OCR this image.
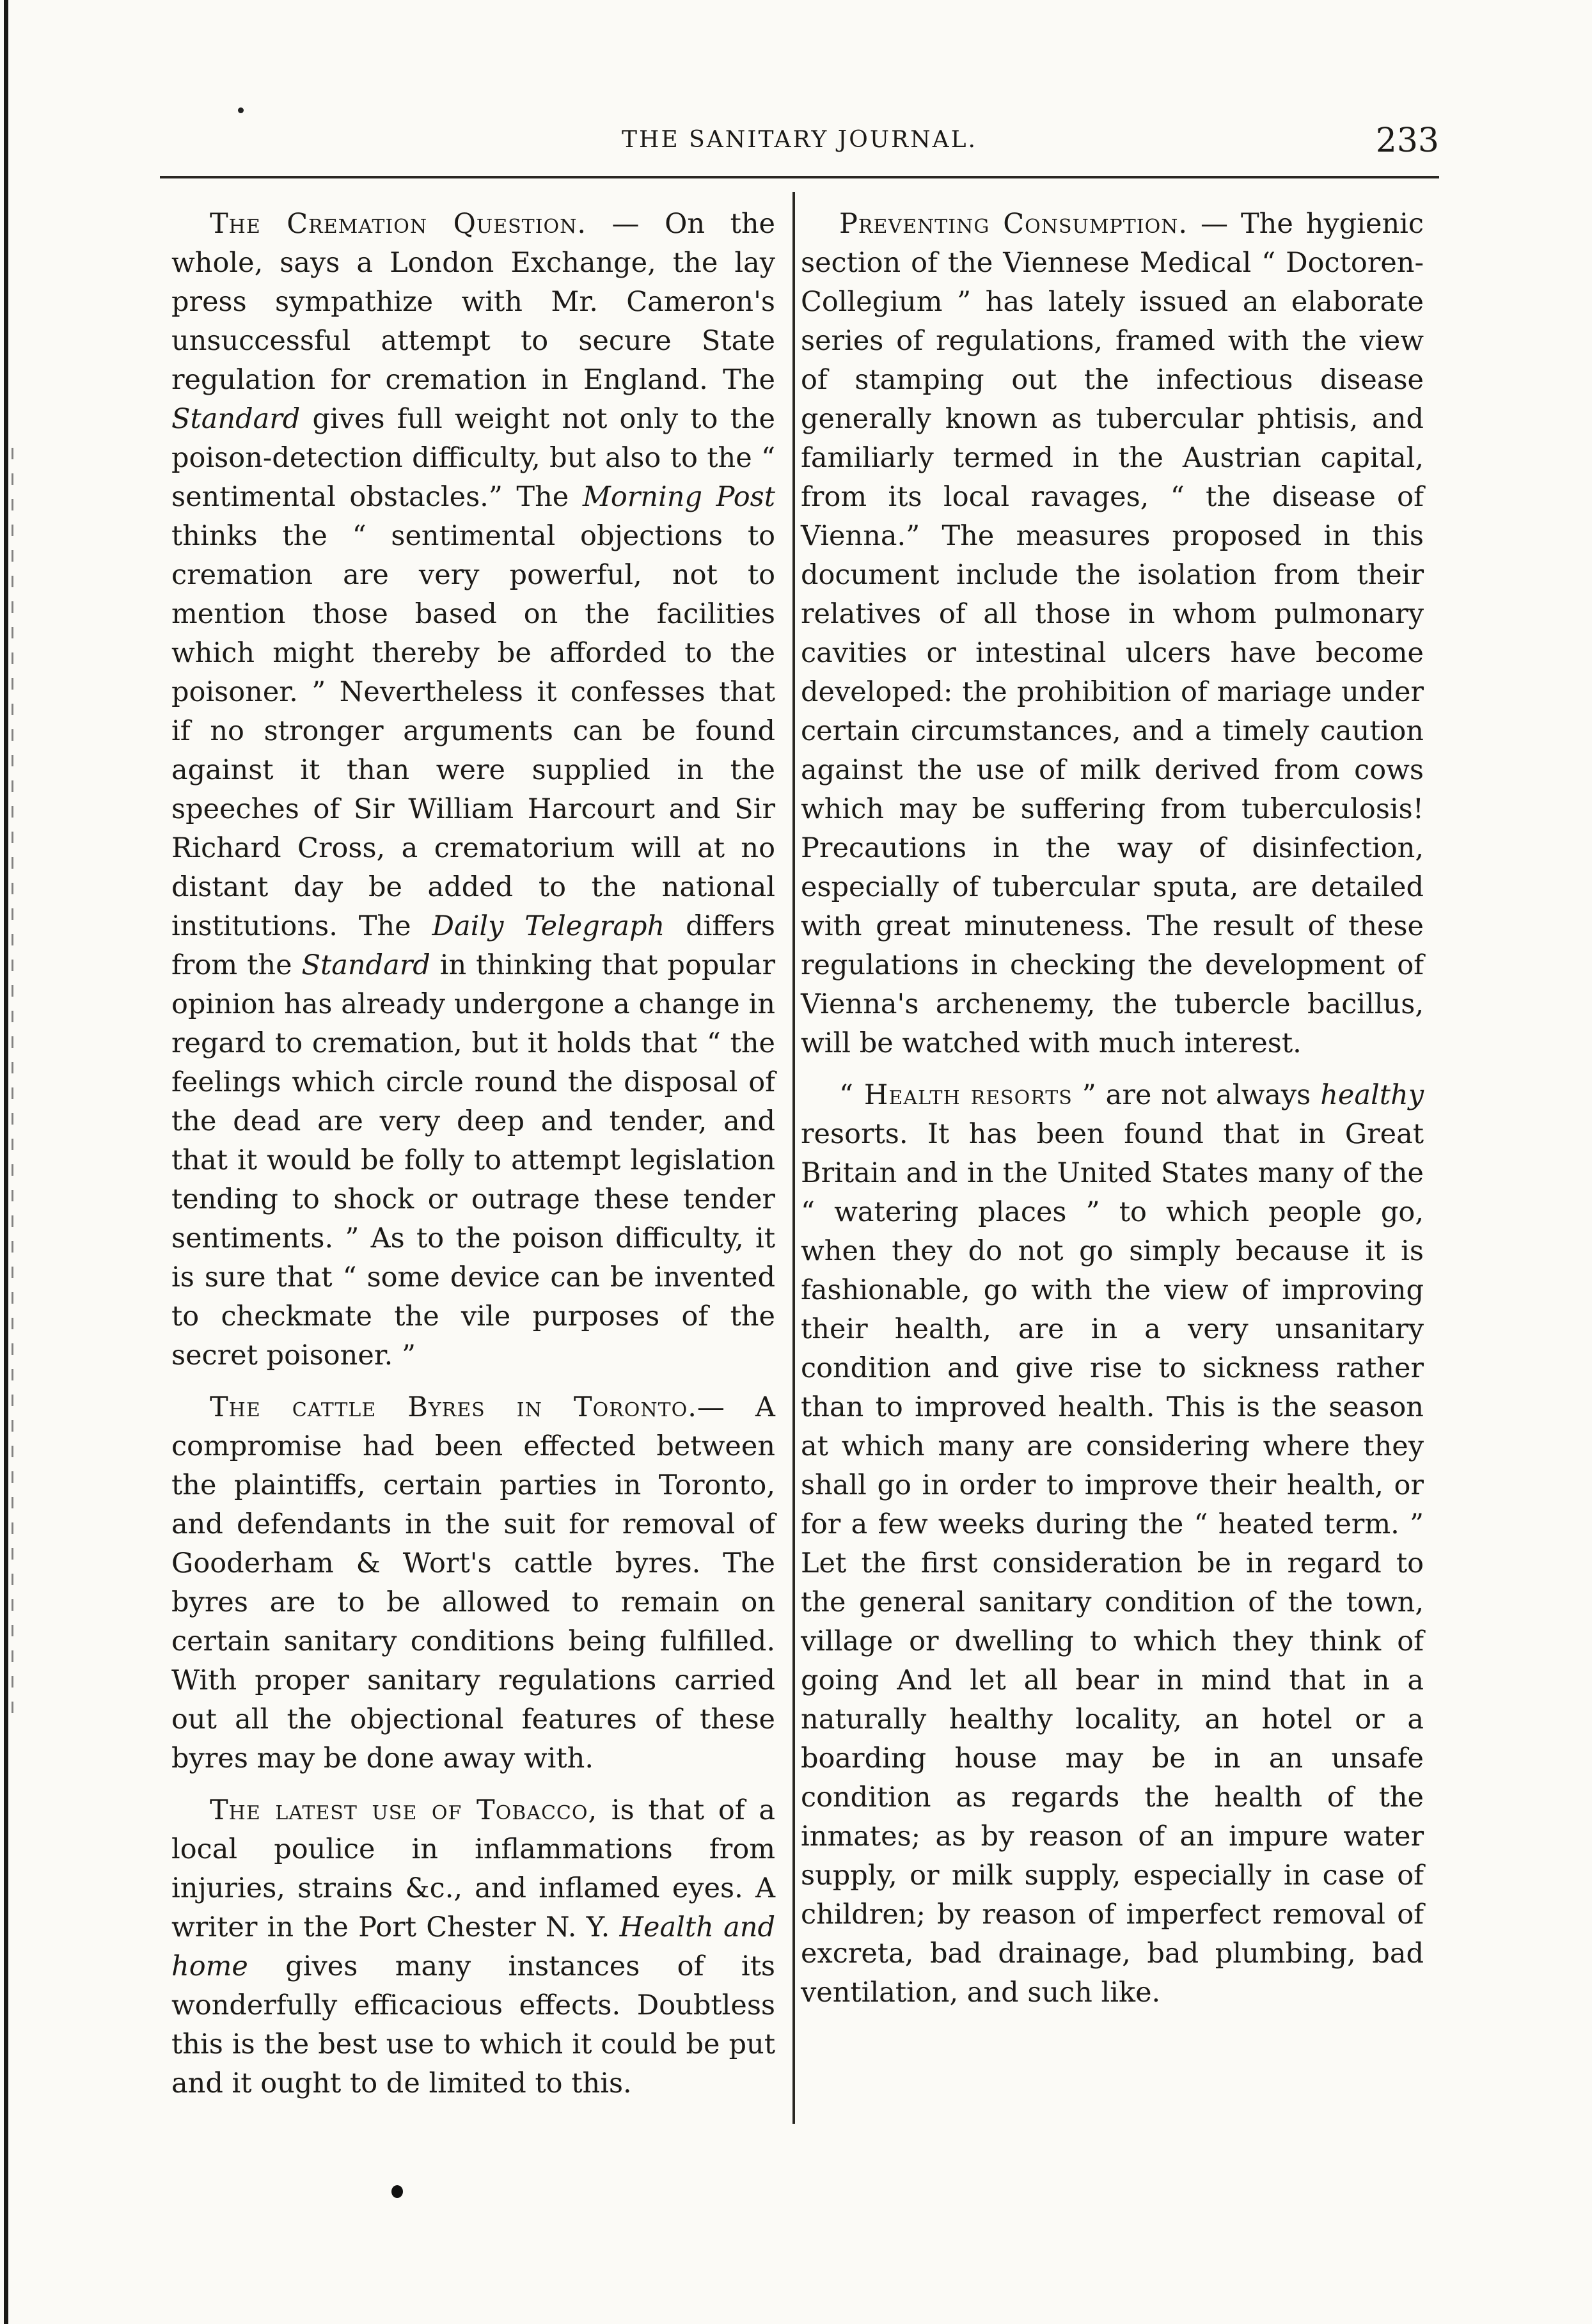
THE SANITARY JOURNAL.	233

The Cremation Question. — On the whole, says a London Exchange, the lay press sympathize with Mr. Cameron's unsuccessful attempt to secure State regulation for cremation in England. The Standard gives full weight not only to the poison-detection difficulty, but also to the “ sentimental obstacles.” The Morning Post thinks the “ sentimental objections to cremation are very powerful, not to mention those based on the facilities which might thereby be afforded to the poisoner. ” Nevertheless it confesses that if no stronger arguments can be found against it than were supplied in the speeches of Sir William Harcourt and Sir Richard Cross, a crematorium will at no distant day be added to the national institutions. The Daily Telegraph differs from the Standard in thinking that popular opinion has already undergone a change in regard to cremation, but it holds that “ the feelings which circle round the disposal of the dead are very deep and tender, and that it would be folly to attempt legislation tending to shock or outrage these tender sentiments. ” As to the poison difficulty, it is sure that “ some device can be invented to checkmate the vile purposes of the secret poisoner. ”

The cattle Byres in Toronto.— A compromise had been effected between the plaintiffs, certain parties in Toronto, and defendants in the suit for removal of Gooderham & Wort's cattle byres. The byres are to be allowed to remain on certain sanitary conditions being fulfilled. With proper sanitary regulations carried out all the objectional features of these byres may be done away with.

The latest use of Tobacco, is that of a local poulice in inflammations from injuries, strains &c., and inflamed eyes. A writer in the Port Chester N. Y. Health and home gives many instances of its wonderfully efficacious effects. Doubtless this is the best use to which it could be put and it ought to de limited to this.

Preventing Consumption. — The hygienic section of the Viennese Medical “ Doctoren-Collegium ” has lately issued an elaborate series of regulations, framed with the view of stamping out the infectious disease generally known as tubercular phtisis, and familiarly termed in the Austrian capital, from its local ravages, “ the disease of Vienna.” The measures proposed in this document include the isolation from their relatives of all those in whom pulmonary cavities or intestinal ulcers have become developed: the prohibition of mariage under certain circumstances, and a timely caution against the use of milk derived from cows which may be suffering from tuberculosis! Precautions in the way of disinfection, especially of tubercular sputa, are detailed with great minuteness. The result of these regulations in checking the development of Vienna's archenemy, the tubercle bacillus, will be watched with much interest.

“ Health resorts ” are not always healthy resorts. It has been found that in Great Britain and in the United States many of the “ watering places ” to which people go, when they do not go simply because it is fashionable, go with the view of improving their health, are in a very unsanitary condition and give rise to sickness rather than to improved health. This is the season at which many are considering where they shall go in order to improve their health, or for a few weeks during the “ heated term. ” Let the first consideration be in regard to the general sanitary condition of the town, village or dwelling to which they think of going And let all bear in mind that in a naturally healthy locality, an hotel or a boarding house may be in an unsafe condition as regards the health of the inmates; as by reason of an impure water supply, or milk supply, especially in case of children; by reason of imperfect removal of excreta, bad drainage, bad plumbing, bad ventilation, and such like.
